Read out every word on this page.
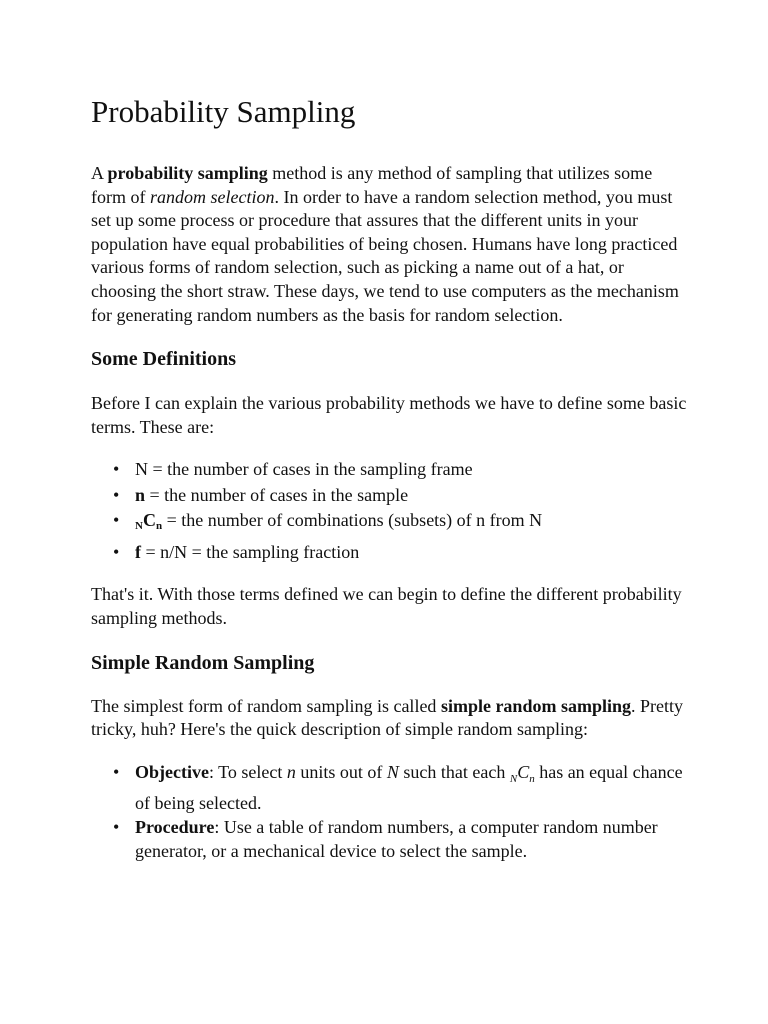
Probability Sampling

A probability sampling method is any method of sampling that utilizes some form of random selection. In order to have a random selection method, you must set up some process or procedure that assures that the different units in your population have equal probabilities of being chosen. Humans have long practiced various forms of random selection, such as picking a name out of a hat, or choosing the short straw. These days, we tend to use computers as the mechanism for generating random numbers as the basis for random selection.

Some Definitions

Before I can explain the various probability methods we have to define some basic terms. These are:

• N = the number of cases in the sampling frame
• n = the number of cases in the sample
• $_NC_n$ = the number of combinations (subsets) of n from N
• f = n/N = the sampling fraction

That's it. With those terms defined we can begin to define the different probability sampling methods.

Simple Random Sampling

The simplest form of random sampling is called simple random sampling. Pretty tricky, huh? Here's the quick description of simple random sampling:

• Objective: To select n units out of N such that each $_NC_n$ has an equal chance of being selected.
• Procedure: Use a table of random numbers, a computer random number generator, or a mechanical device to select the sample.
